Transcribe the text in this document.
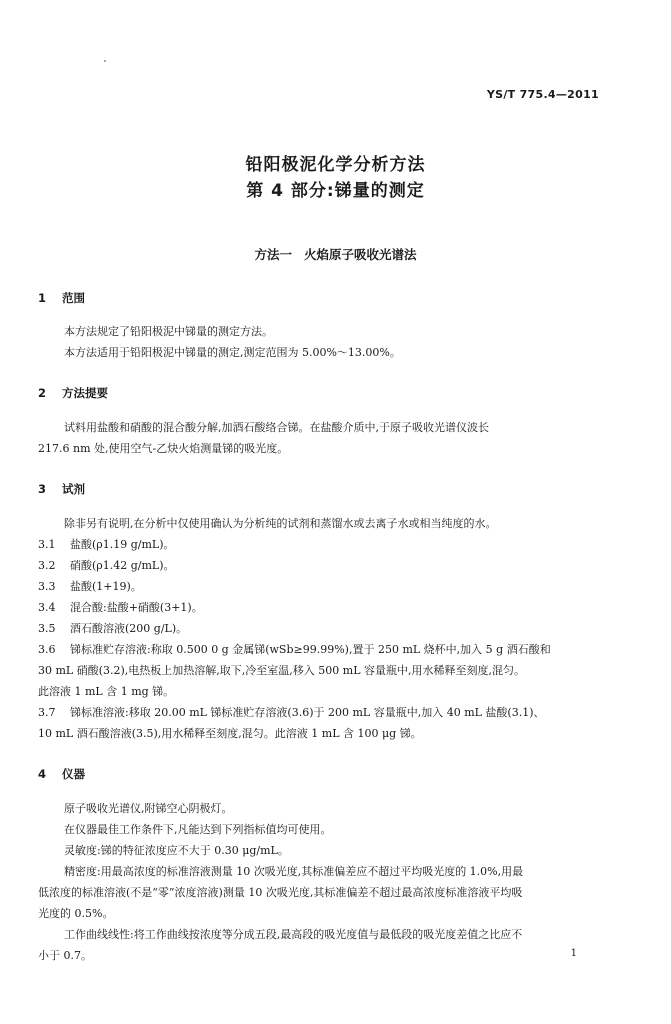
YS/T 775.4—2011
铅阳极泥化学分析方法
第 4 部分:锑量的测定
方法一 火焰原子吸收光谱法
1 范围
本方法规定了铅阳极泥中锑量的测定方法。
本方法适用于铅阳极泥中锑量的测定,测定范围为 5.00%～13.00%。
2 方法提要
试料用盐酸和硝酸的混合酸分解,加酒石酸络合锑。在盐酸介质中,于原子吸收光谱仪波长
217.6 nm 处,使用空气-乙炔火焰测量锑的吸光度。
3 试剂
除非另有说明,在分析中仅使用确认为分析纯的试剂和蒸馏水或去离子水或相当纯度的水。
3.1 盐酸(ρ1.19 g/mL)。
3.2 硝酸(ρ1.42 g/mL)。
3.3 盐酸(1+19)。
3.4 混合酸:盐酸+硝酸(3+1)。
3.5 酒石酸溶液(200 g/L)。
3.6 锑标准贮存溶液:称取 0.500 0 g 金属锑(wSb≥99.99%),置于 250 mL 烧杯中,加入 5 g 酒石酸和
30 mL 硝酸(3.2),电热板上加热溶解,取下,冷至室温,移入 500 mL 容量瓶中,用水稀释至刻度,混匀。
此溶液 1 mL 含 1 mg 锑。
3.7 锑标准溶液:移取 20.00 mL 锑标准贮存溶液(3.6)于 200 mL 容量瓶中,加入 40 mL 盐酸(3.1)、
10 mL 酒石酸溶液(3.5),用水稀释至刻度,混匀。此溶液 1 mL 含 100 μg 锑。
4 仪器
原子吸收光谱仪,附锑空心阴极灯。
在仪器最佳工作条件下,凡能达到下列指标值均可使用。
灵敏度:锑的特征浓度应不大于 0.30 μg/mL。
精密度:用最高浓度的标准溶液测量 10 次吸光度,其标准偏差应不超过平均吸光度的 1.0%,用最
低浓度的标准溶液(不是“零”浓度溶液)测量 10 次吸光度,其标准偏差不超过最高浓度标准溶液平均吸
光度的 0.5%。
工作曲线线性:将工作曲线按浓度等分成五段,最高段的吸光度值与最低段的吸光度差值之比应不
小于 0.7。	1
